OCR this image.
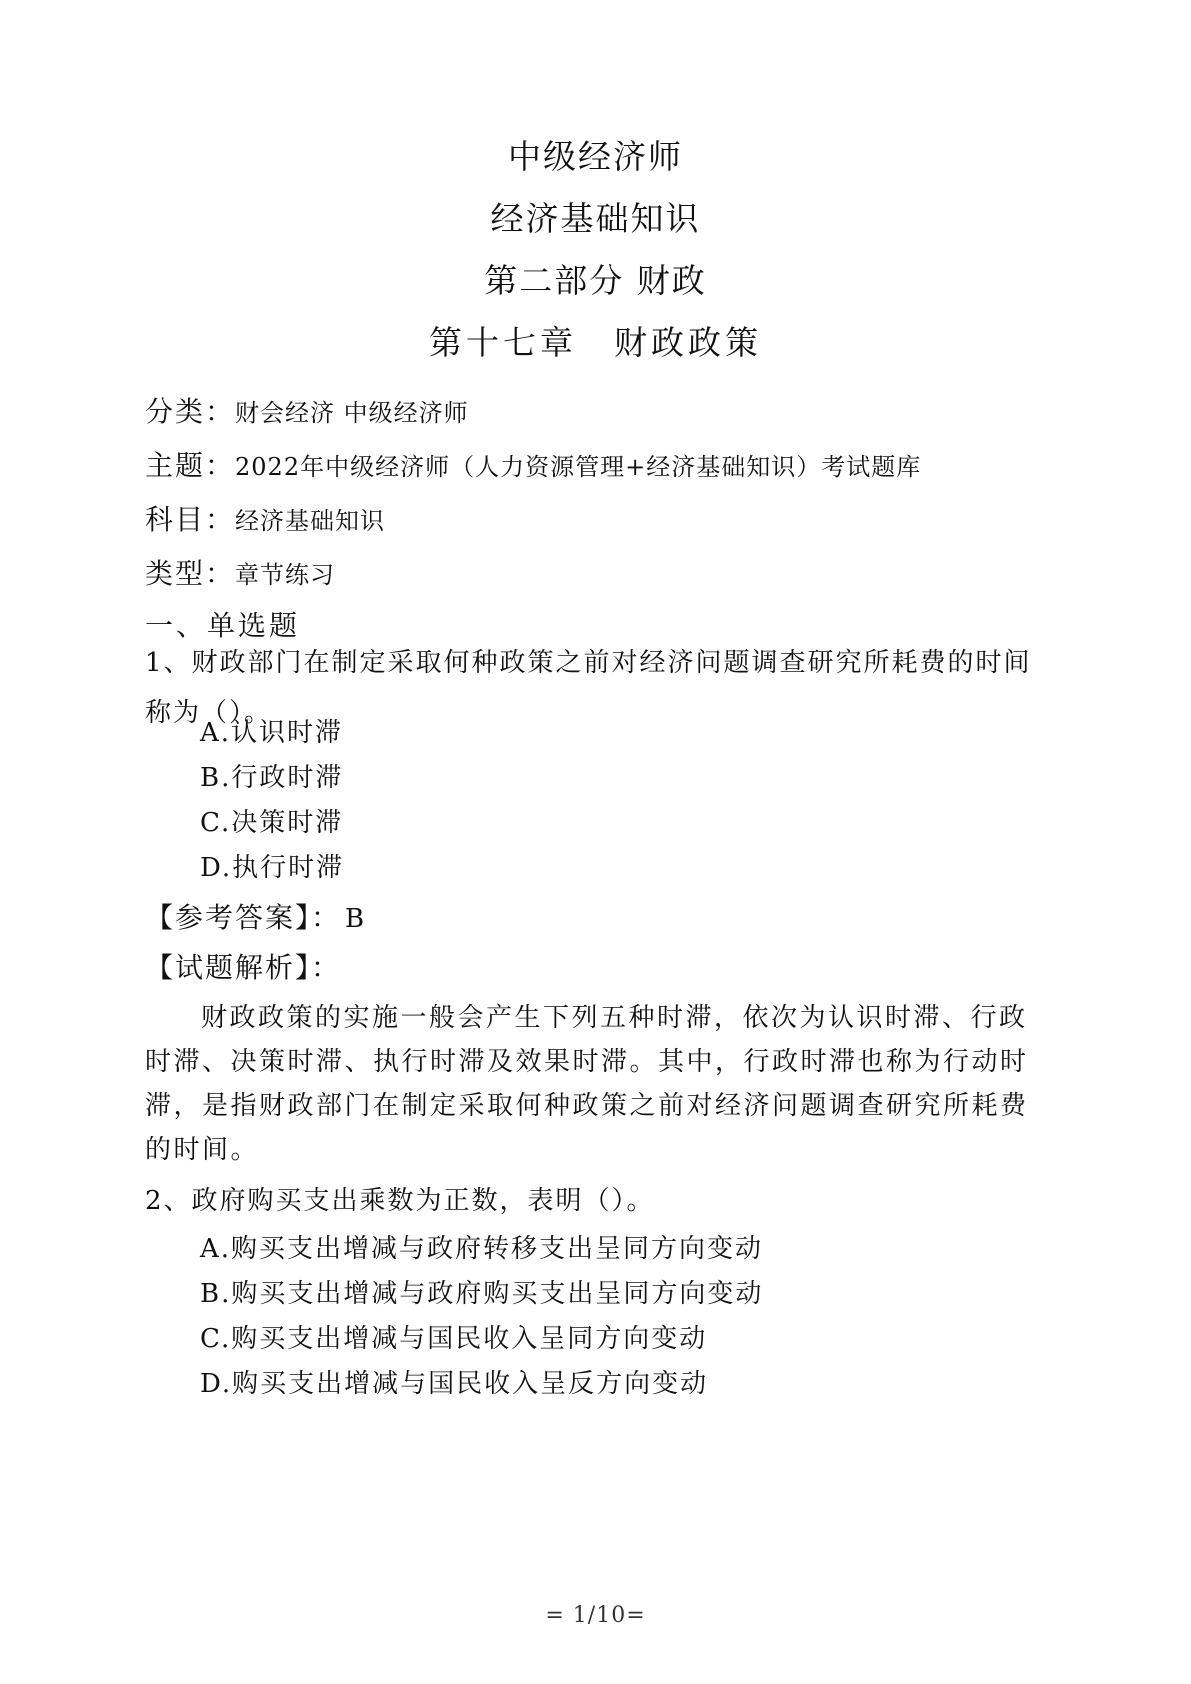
中级经济师
经济基础知识
第二部分 财政
第十七章　财政政策
分类：财会经济 中级经济师
主题：2022年中级经济师（人力资源管理+经济基础知识）考试题库
科目：经济基础知识
类型：章节练习
一、单选题
1、财政部门在制定采取何种政策之前对经济问题调查研究所耗费的时间称为（）。
A.认识时滞
B.行政时滞
C.决策时滞
D.执行时滞
【参考答案】： B
【试题解析】：
财政政策的实施一般会产生下列五种时滞，依次为认识时滞、行政时滞、决策时滞、执行时滞及效果时滞。其中，行政时滞也称为行动时滞，是指财政部门在制定采取何种政策之前对经济问题调查研究所耗费的时间。
2、政府购买支出乘数为正数，表明（）。
A.购买支出增减与政府转移支出呈同方向变动
B.购买支出增减与政府购买支出呈同方向变动
C.购买支出增减与国民收入呈同方向变动
D.购买支出增减与国民收入呈反方向变动
= 1/10=
